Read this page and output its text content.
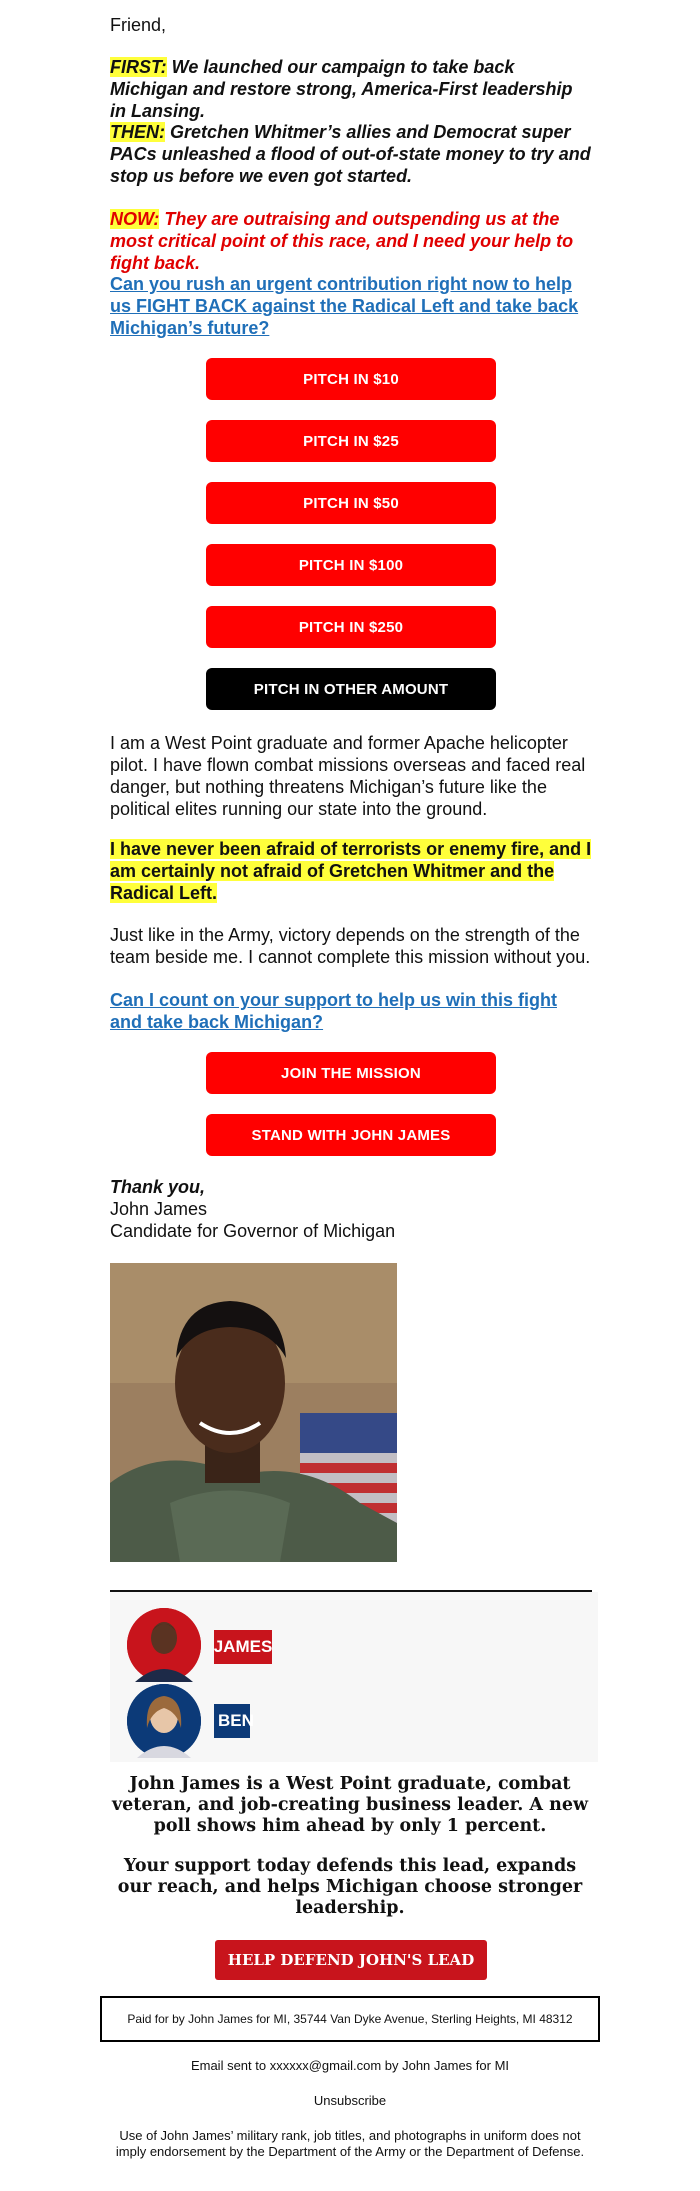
Friend,
FIRST: We launched our campaign to take back Michigan and restore strong, America-First leadership in Lansing.
THEN: Gretchen Whitmer’s allies and Democrat super PACs unleashed a flood of out-of-state money to try and stop us before we even got started.
NOW: They are outraising and outspending us at the most critical point of this race, and I need your help to fight back.
Can you rush an urgent contribution right now to help us FIGHT BACK against the Radical Left and take back Michigan’s future?
PITCH IN $10
PITCH IN $25
PITCH IN $50
PITCH IN $100
PITCH IN $250
PITCH IN OTHER AMOUNT
I am a West Point graduate and former Apache helicopter pilot. I have flown combat missions overseas and faced real danger, but nothing threatens Michigan’s future like the political elites running our state into the ground.
I have never been afraid of terrorists or enemy fire, and I am certainly not afraid of Gretchen Whitmer and the Radical Left.
Just like in the Army, victory depends on the strength of the team beside me. I cannot complete this mission without you.
Can I count on your support to help us win this fight and take back Michigan?
JOIN THE MISSION
STAND WITH JOHN JAMES
Thank you,
John James
Candidate for Governor of Michigan
JAMES
BEN
John James is a West Point graduate, combat veteran, and job-creating business leader. A new poll shows him ahead by only 1 percent.
Your support today defends this lead, expands our reach, and helps Michigan choose stronger leadership.
HELP DEFEND JOHN'S LEAD
Paid for by John James for MI, 35744 Van Dyke Avenue, Sterling Heights, MI 48312
Email sent to xxxxxx@gmail.com by John James for MI
Unsubscribe
Use of John James’ military rank, job titles, and photographs in uniform does not imply endorsement by the Department of the Army or the Department of Defense.
